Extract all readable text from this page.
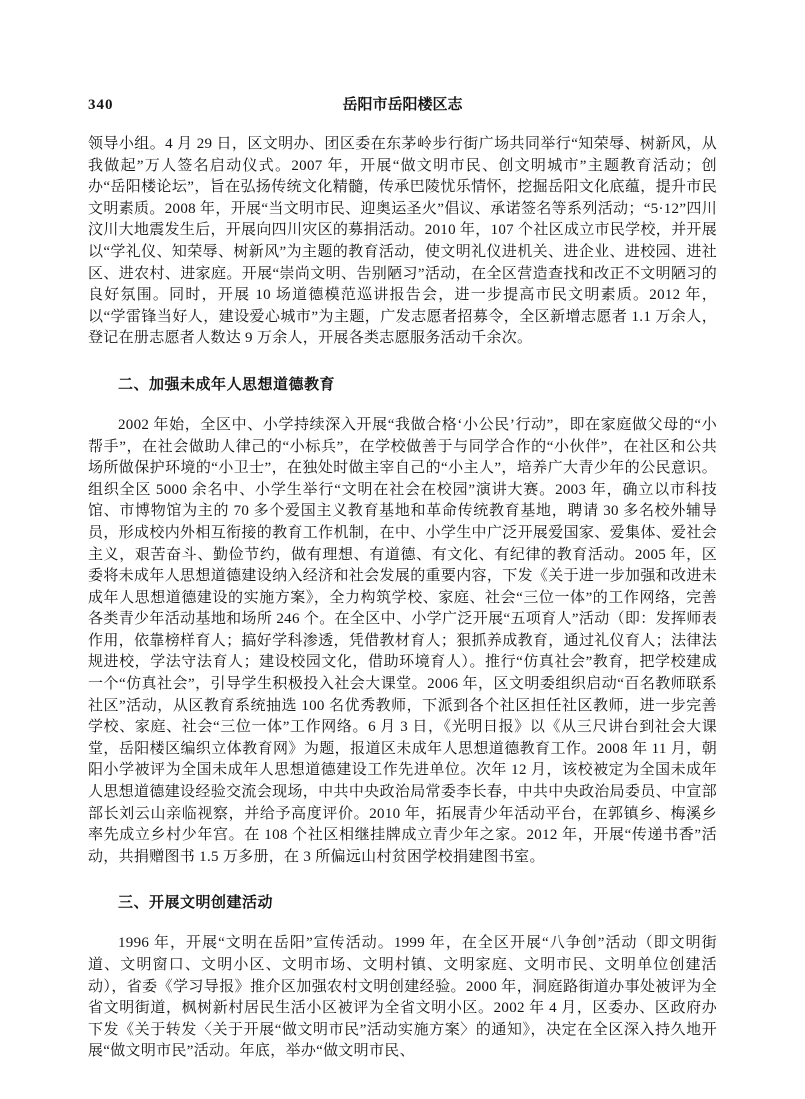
340	岳阳市岳阳楼区志

领导小组。4 月 29 日，区文明办、团区委在东茅岭步行街广场共同举行“知荣辱、树新风，从我做起”万人签名启动仪式。2007 年，开展“做文明市民、创文明城市”主题教育活动；创办“岳阳楼论坛”，旨在弘扬传统文化精髓，传承巴陵忧乐情怀，挖掘岳阳文化底蕴，提升市民文明素质。2008 年，开展“当文明市民、迎奥运圣火”倡议、承诺签名等系列活动；“5·12”四川汶川大地震发生后，开展向四川灾区的募捐活动。2010 年，107 个社区成立市民学校，并开展以“学礼仪、知荣辱、树新风”为主题的教育活动，使文明礼仪进机关、进企业、进校园、进社区、进农村、进家庭。开展“崇尚文明、告别陋习”活动，在全区营造查找和改正不文明陋习的良好氛围。同时，开展 10 场道德模范巡讲报告会，进一步提高市民文明素质。2012 年，以“学雷锋当好人，建设爱心城市”为主题，广发志愿者招募令，全区新增志愿者 1.1 万余人，登记在册志愿者人数达 9 万余人，开展各类志愿服务活动千余次。

二、加强未成年人思想道德教育

2002 年始，全区中、小学持续深入开展“我做合格‘小公民’行动”，即在家庭做父母的“小帮手”，在社会做助人律己的“小标兵”，在学校做善于与同学合作的“小伙伴”，在社区和公共场所做保护环境的“小卫士”，在独处时做主宰自己的“小主人”，培养广大青少年的公民意识。组织全区 5000 余名中、小学生举行“文明在社会在校园”演讲大赛。2003 年，确立以市科技馆、市博物馆为主的 70 多个爱国主义教育基地和革命传统教育基地，聘请 30 多名校外辅导员，形成校内外相互衔接的教育工作机制，在中、小学生中广泛开展爱国家、爱集体、爱社会主义，艰苦奋斗、勤俭节约，做有理想、有道德、有文化、有纪律的教育活动。2005 年，区委将未成年人思想道德建设纳入经济和社会发展的重要内容，下发《关于进一步加强和改进未成年人思想道德建设的实施方案》，全力构筑学校、家庭、社会“三位一体”的工作网络，完善各类青少年活动基地和场所 246 个。在全区中、小学广泛开展“五项育人”活动（即：发挥师表作用，依靠榜样育人；搞好学科渗透，凭借教材育人；狠抓养成教育，通过礼仪育人；法律法规进校，学法守法育人；建设校园文化，借助环境育人）。推行“仿真社会”教育，把学校建成一个“仿真社会”，引导学生积极投入社会大课堂。2006 年，区文明委组织启动“百名教师联系社区”活动，从区教育系统抽选 100 名优秀教师，下派到各个社区担任社区教师，进一步完善学校、家庭、社会“三位一体”工作网络。6 月 3 日，《光明日报》以《从三尺讲台到社会大课堂，岳阳楼区编织立体教育网》为题，报道区未成年人思想道德教育工作。2008 年 11 月，朝阳小学被评为全国未成年人思想道德建设工作先进单位。次年 12 月，该校被定为全国未成年人思想道德建设经验交流会现场，中共中央政治局常委李长春，中共中央政治局委员、中宣部部长刘云山亲临视察，并给予高度评价。2010 年，拓展青少年活动平台，在郭镇乡、梅溪乡率先成立乡村少年宫。在 108 个社区相继挂牌成立青少年之家。2012 年，开展“传递书香”活动，共捐赠图书 1.5 万多册，在 3 所偏远山村贫困学校捐建图书室。

三、开展文明创建活动

1996 年，开展“文明在岳阳”宣传活动。1999 年，在全区开展“八争创”活动（即文明街道、文明窗口、文明小区、文明市场、文明村镇、文明家庭、文明市民、文明单位创建活动），省委《学习导报》推介区加强农村文明创建经验。2000 年，洞庭路街道办事处被评为全省文明街道，枫树新村居民生活小区被评为全省文明小区。2002 年 4 月，区委办、区政府办下发《关于转发〈关于开展“做文明市民”活动实施方案〉的通知》，决定在全区深入持久地开展“做文明市民”活动。年底，举办“做文明市民、
